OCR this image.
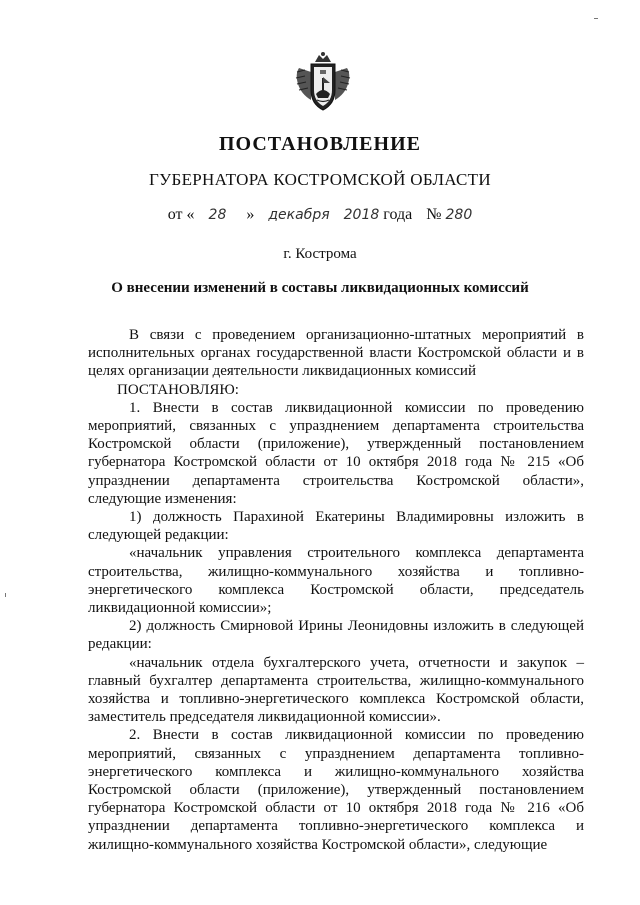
ПОСТАНОВЛЕНИЕ
ГУБЕРНАТОРА КОСТРОМСКОЙ ОБЛАСТИ
от « 28 » декабря 2018 года № 280
г. Кострома
О внесении изменений в составы ликвидационных комиссий

В связи с проведением организационно-штатных мероприятий в исполнительных органах государственной власти Костромской области и в целях организации деятельности ликвидационных комиссий

ПОСТАНОВЛЯЮ:

1. Внести в состав ликвидационной комиссии по проведению мероприятий, связанных с упразднением департамента строительства Костромской области (приложение), утвержденный постановлением губернатора Костромской области от 10 октября 2018 года № 215 «Об упразднении департамента строительства Костромской области», следующие изменения:

1) должность Парахиной Екатерины Владимировны изложить в следующей редакции:

«начальник управления строительного комплекса департамента строительства, жилищно-коммунального хозяйства и топливно-энергетического комплекса Костромской области, председатель ликвидационной комиссии»;

2) должность Смирновой Ирины Леонидовны изложить в следующей редакции:

«начальник отдела бухгалтерского учета, отчетности и закупок – главный бухгалтер департамента строительства, жилищно-коммунального хозяйства и топливно-энергетического комплекса Костромской области, заместитель председателя ликвидационной комиссии».

2. Внести в состав ликвидационной комиссии по проведению мероприятий, связанных с упразднением департамента топливно-энергетического комплекса и жилищно-коммунального хозяйства Костромской области (приложение), утвержденный постановлением губернатора Костромской области от 10 октября 2018 года № 216 «Об упразднении департамента топливно-энергетического комплекса и жилищно-коммунального хозяйства Костромской области», следующие
